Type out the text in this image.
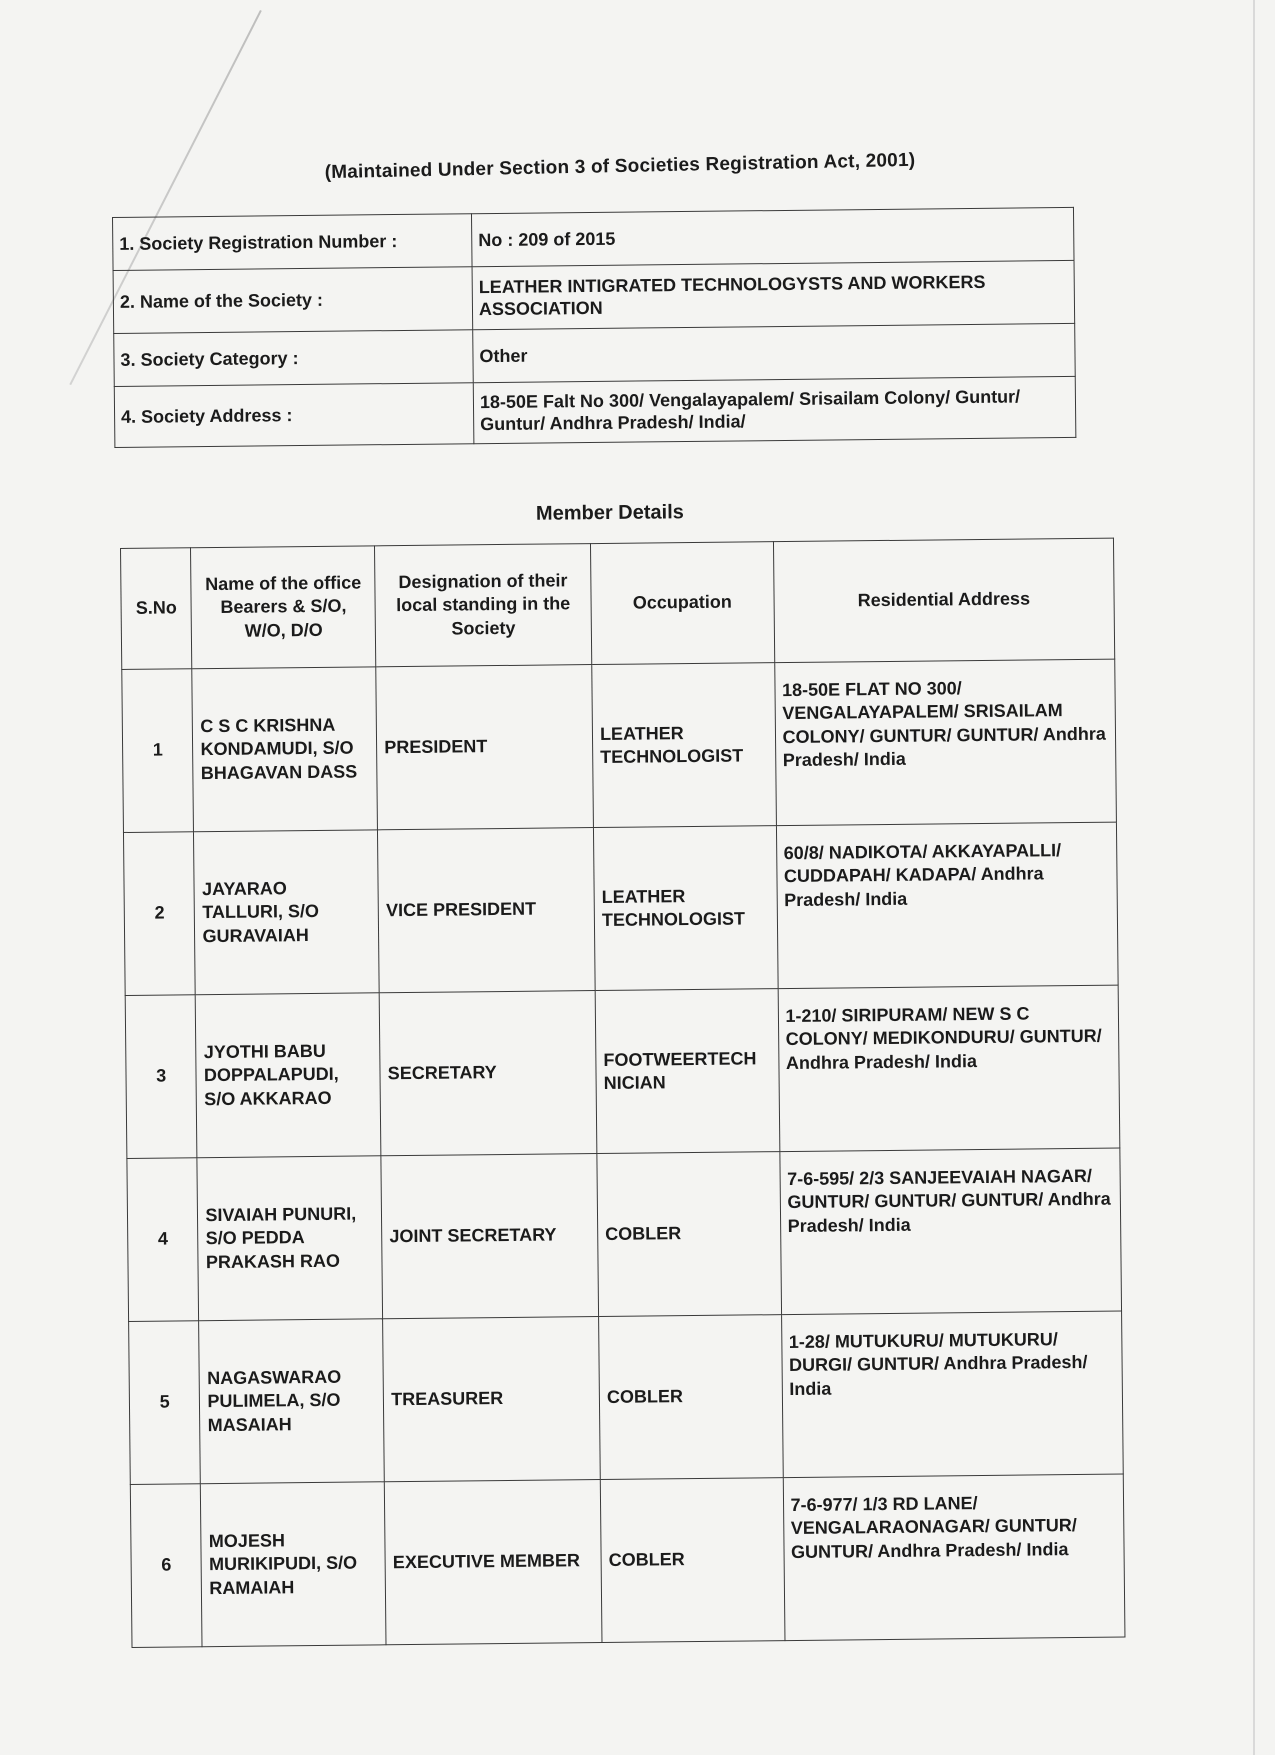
(Maintained Under Section 3 of Societies Registration Act, 2001)
1. Society Registration Number :	No : 209 of 2015
2. Name of the Society :	LEATHER INTIGRATED TECHNOLOGYSTS AND WORKERS ASSOCIATION
3. Society Category :	Other
4. Society Address :	18-50E Falt No 300/ Vengalayapalem/ Srisailam Colony/ Guntur/ Guntur/ Andhra Pradesh/ India/
Member Details
S.No	Name of the office Bearers & S/O, W/O, D/O	Designation of their local standing in the Society	Occupation	Residential Address
1	C S C KRISHNA KONDAMUDI, S/O BHAGAVAN DASS	PRESIDENT	LEATHER TECHNOLOGIST	18-50E FLAT NO 300/ VENGALAYAPALEM/ SRISAILAM COLONY/ GUNTUR/ GUNTUR/ Andhra Pradesh/ India
2	JAYARAO TALLURI, S/O GURAVAIAH	VICE PRESIDENT	LEATHER TECHNOLOGIST	60/8/ NADIKOTA/ AKKAYAPALLI/ CUDDAPAH/ KADAPA/ Andhra Pradesh/ India
3	JYOTHI BABU DOPPALAPUDI, S/O AKKARAO	SECRETARY	FOOTWEERTECH NICIAN	1-210/ SIRIPURAM/ NEW S C COLONY/ MEDIKONDURU/ GUNTUR/ Andhra Pradesh/ India
4	SIVAIAH PUNURI, S/O PEDDA PRAKASH RAO	JOINT SECRETARY	COBLER	7-6-595/ 2/3 SANJEEVAIAH NAGAR/ GUNTUR/ GUNTUR/ GUNTUR/ Andhra Pradesh/ India
5	NAGASWARAO PULIMELA, S/O MASAIAH	TREASURER	COBLER	1-28/ MUTUKURU/ MUTUKURU/ DURGI/ GUNTUR/ Andhra Pradesh/ India
6	MOJESH MURIKIPUDI, S/O RAMAIAH	EXECUTIVE MEMBER	COBLER	7-6-977/ 1/3 RD LANE/ VENGALARAONAGAR/ GUNTUR/ GUNTUR/ Andhra Pradesh/ India
